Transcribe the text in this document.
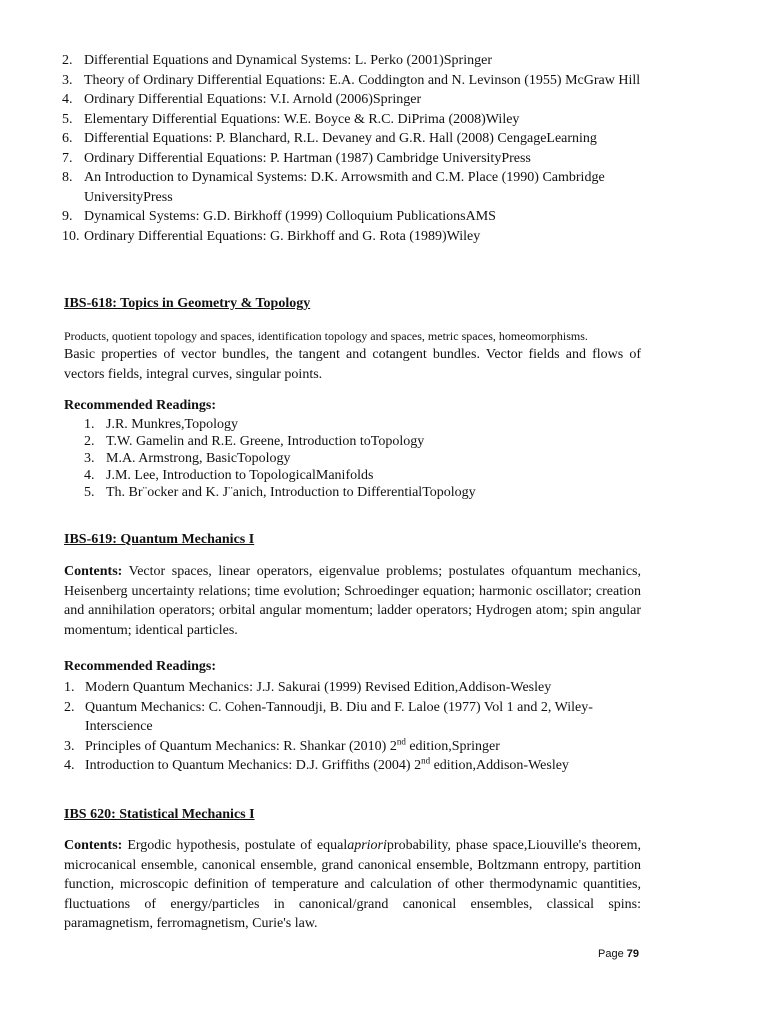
2. Differential Equations and Dynamical Systems: L. Perko (2001)Springer
3. Theory of Ordinary Differential Equations: E.A. Coddington and N. Levinson (1955) McGraw Hill
4. Ordinary Differential Equations: V.I. Arnold (2006)Springer
5. Elementary Differential Equations: W.E. Boyce & R.C. DiPrima (2008)Wiley
6. Differential Equations: P. Blanchard, R.L. Devaney and G.R. Hall (2008) CengageLearning
7. Ordinary Differential Equations: P. Hartman (1987) Cambridge UniversityPress
8. An Introduction to Dynamical Systems: D.K. Arrowsmith and C.M. Place (1990) Cambridge UniversityPress
9. Dynamical Systems: G.D. Birkhoff (1999) Colloquium PublicationsAMS
10. Ordinary Differential Equations: G. Birkhoff and G. Rota (1989)Wiley
IBS-618: Topics in Geometry & Topology
Products, quotient topology and spaces, identification topology and spaces, metric spaces, homeomorphisms.
Basic properties of vector bundles, the tangent and cotangent bundles. Vector fields and flows of vectors fields, integral curves, singular points.
Recommended Readings:
1. J.R. Munkres,Topology
2. T.W. Gamelin and R.E. Greene, Introduction toTopology
3. M.A. Armstrong, BasicTopology
4. J.M. Lee, Introduction to TopologicalManifolds
5. Th. Br¨ocker and K. J¨anich, Introduction to DifferentialTopology
IBS-619: Quantum Mechanics I
Contents: Vector spaces, linear operators, eigenvalue problems; postulates ofquantum mechanics, Heisenberg uncertainty relations; time evolution; Schroedinger equation; harmonic oscillator; creation and annihilation operators; orbital angular momentum; ladder operators; Hydrogen atom; spin angular momentum; identical particles.
Recommended Readings:
1. Modern Quantum Mechanics: J.J. Sakurai (1999) Revised Edition,Addison-Wesley
2. Quantum Mechanics: C. Cohen-Tannoudji, B. Diu and F. Laloe (1977) Vol 1 and 2, Wiley-Interscience
3. Principles of Quantum Mechanics: R. Shankar (2010) 2nd edition,Springer
4. Introduction to Quantum Mechanics: D.J. Griffiths (2004) 2nd edition,Addison-Wesley
IBS 620: Statistical Mechanics I
Contents: Ergodic hypothesis, postulate of equalaprioriprobability, phase space,Liouville's theorem, microcanical ensemble, canonical ensemble, grand canonical ensemble, Boltzmann entropy, partition function, microscopic definition of temperature and calculation of other thermodynamic quantities, fluctuations of energy/particles in canonical/grand canonical ensembles, classical spins: paramagnetism, ferromagnetism, Curie's law.
Page 79
